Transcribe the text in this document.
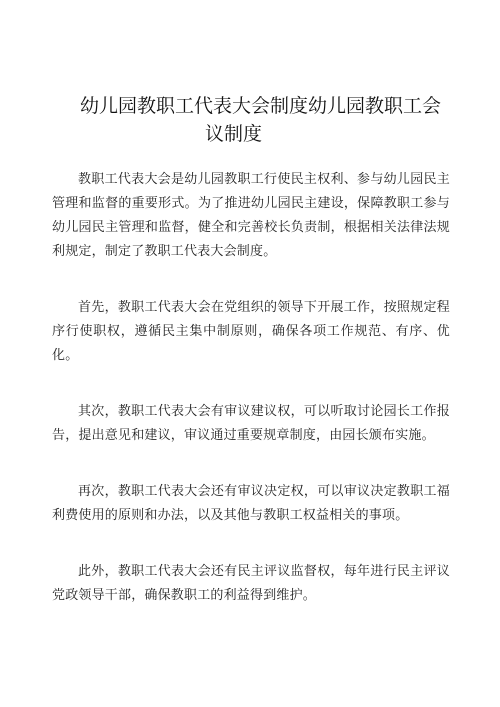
幼儿园教职工代表大会制度幼儿园教职工会
议制度

教职工代表大会是幼儿园教职工行使民主权利、参与幼儿园民主管理和监督的重要形式。为了推进幼儿园民主建设，保障教职工参与幼儿园民主管理和监督，健全和完善校长负责制，根据相关法律法规利规定，制定了教职工代表大会制度。

首先，教职工代表大会在党组织的领导下开展工作，按照规定程序行使职权，遵循民主集中制原则，确保各项工作规范、有序、优化。

其次，教职工代表大会有审议建议权，可以听取讨论园长工作报告，提出意见和建议，审议通过重要规章制度，由园长颁布实施。

再次，教职工代表大会还有审议决定权，可以审议决定教职工福利费使用的原则和办法，以及其他与教职工权益相关的事项。

此外，教职工代表大会还有民主评议监督权，每年进行民主评议党政领导干部，确保教职工的利益得到维护。
